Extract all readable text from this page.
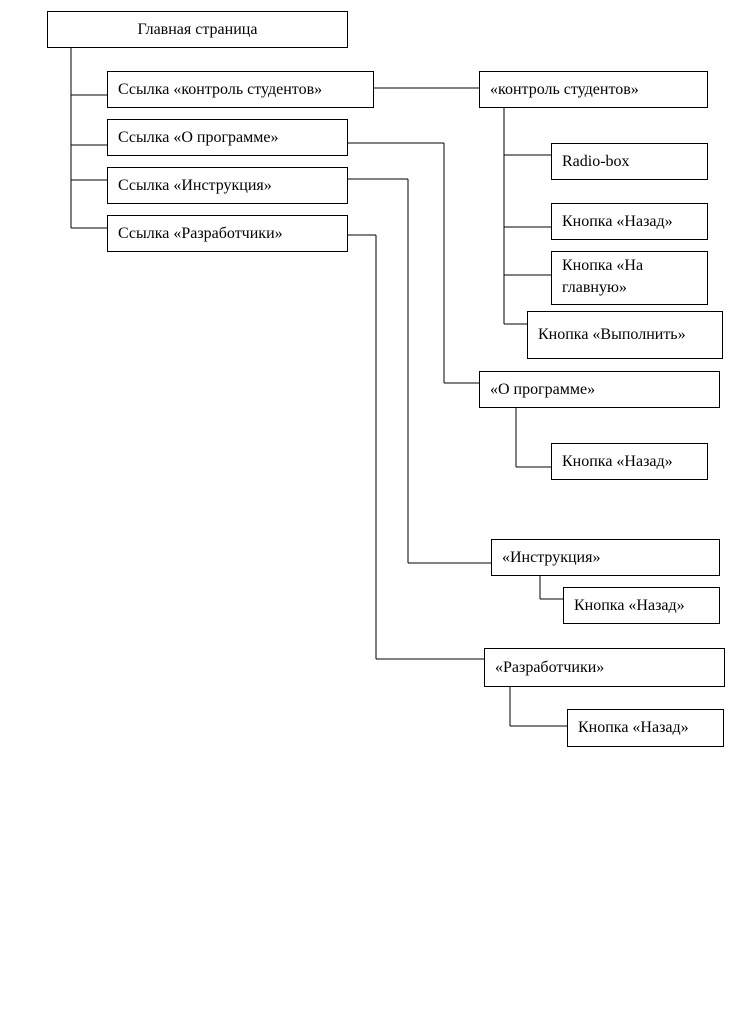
Главная страница
Ссылка «контроль студентов»
Ссылка «О программе»
Ссылка «Инструкция»
Ссылка «Разработчики»
«контроль студентов»
Radio-box
Кнопка «Назад»
Кнопка «На главную»
Кнопка «Выполнить»
«О программе»
Кнопка «Назад»
«Инструкция»
Кнопка «Назад»
«Разработчики»
Кнопка «Назад»
